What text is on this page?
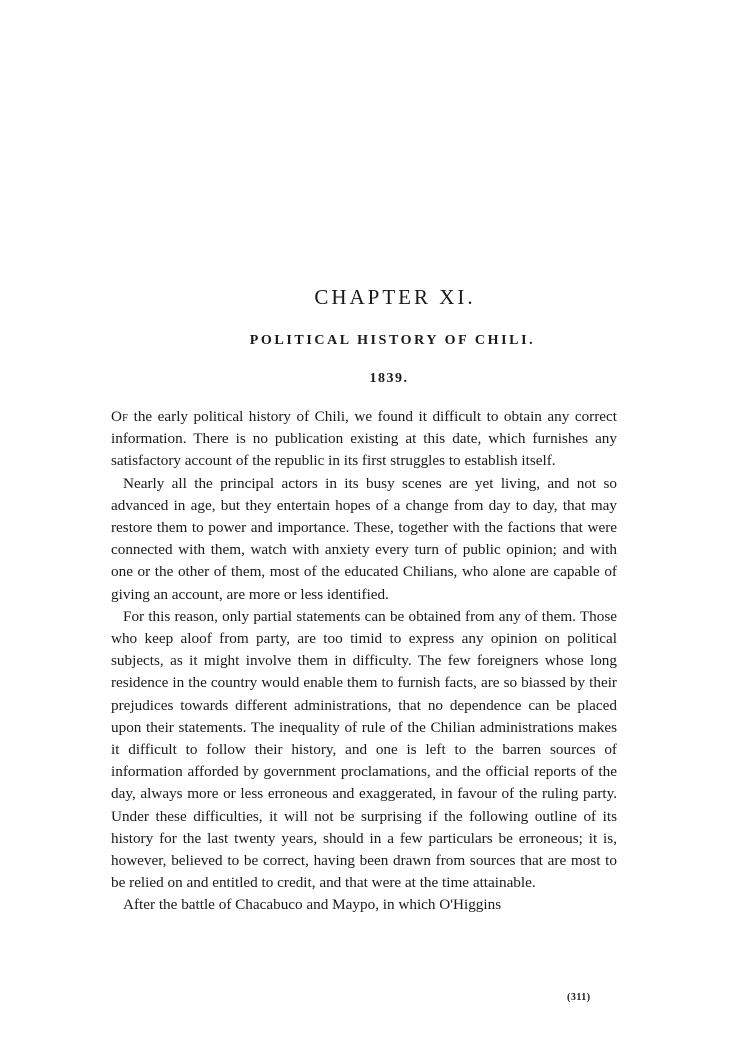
CHAPTER XI.
POLITICAL HISTORY OF CHILI.
1839.

Of the early political history of Chili, we found it difficult to obtain any correct information. There is no publication existing at this date, which furnishes any satisfactory account of the republic in its first struggles to establish itself.

Nearly all the principal actors in its busy scenes are yet living, and not so advanced in age, but they entertain hopes of a change from day to day, that may restore them to power and importance. These, together with the factions that were connected with them, watch with anxiety every turn of public opinion; and with one or the other of them, most of the educated Chilians, who alone are capable of giving an account, are more or less identified.

For this reason, only partial statements can be obtained from any of them. Those who keep aloof from party, are too timid to express any opinion on political subjects, as it might involve them in difficulty. The few foreigners whose long residence in the country would enable them to furnish facts, are so biassed by their prejudices towards different administrations, that no dependence can be placed upon their statements. The inequality of rule of the Chilian administrations makes it difficult to follow their history, and one is left to the barren sources of information afforded by government proclamations, and the official reports of the day, always more or less erroneous and exaggerated, in favour of the ruling party. Under these difficulties, it will not be surprising if the following outline of its history for the last twenty years, should in a few particulars be erroneous; it is, however, believed to be correct, having been drawn from sources that are most to be relied on and entitled to credit, and that were at the time attainable.

After the battle of Chacabuco and Maypo, in which O'Higgins

(311)
